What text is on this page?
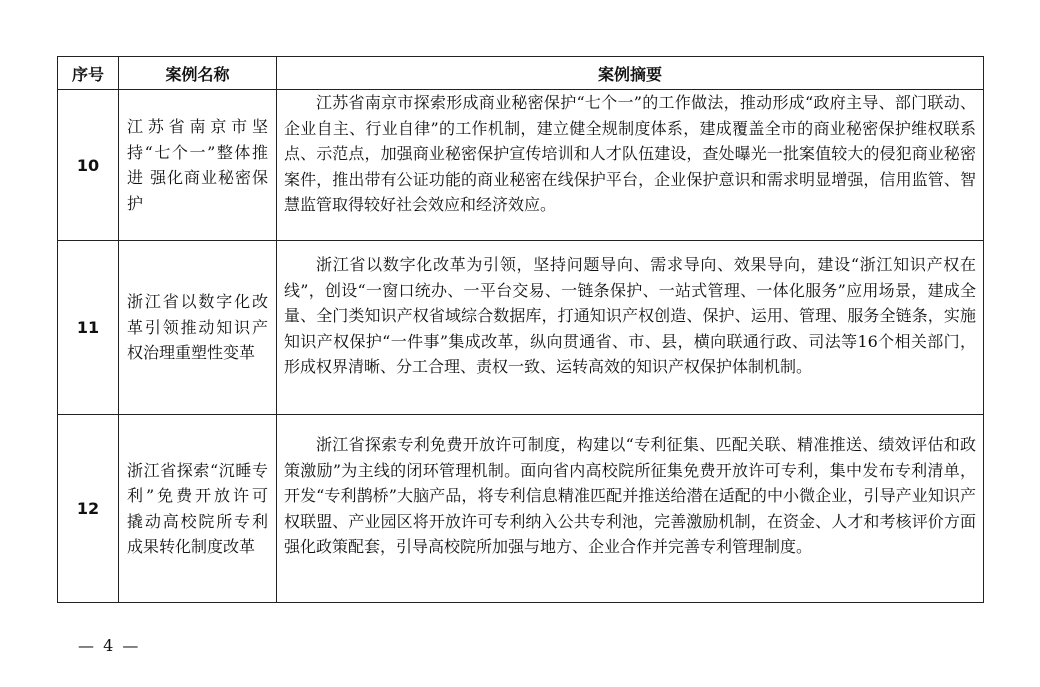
序号	案例名称	案例摘要
10	江苏省南京市坚持“七个一”整体推进 强化商业秘密保护	江苏省南京市探索形成商业秘密保护“七个一”的工作做法，推动形成“政府主导、部门联动、企业自主、行业自律”的工作机制，建立健全规制度体系，建成覆盖全市的商业秘密保护维权联系点、示范点，加强商业秘密保护宣传培训和人才队伍建设，查处曝光一批案值较大的侵犯商业秘密案件，推出带有公证功能的商业秘密在线保护平台，企业保护意识和需求明显增强，信用监管、智慧监管取得较好社会效应和经济效应。
11	浙江省以数字化改革引领推动知识产权治理重塑性变革	浙江省以数字化改革为引领，坚持问题导向、需求导向、效果导向，建设“浙江知识产权在线”，创设“一窗口统办、一平台交易、一链条保护、一站式管理、一体化服务”应用场景，建成全量、全门类知识产权省域综合数据库，打通知识产权创造、保护、运用、管理、服务全链条，实施知识产权保护“一件事”集成改革，纵向贯通省、市、县，横向联通行政、司法等16个相关部门，形成权界清晰、分工合理、责权一致、运转高效的知识产权保护体制机制。
12	浙江省探索“沉睡专利”免费开放许可 撬动高校院所专利成果转化制度改革	浙江省探索专利免费开放许可制度，构建以“专利征集、匹配关联、精准推送、绩效评估和政策激励”为主线的闭环管理机制。面向省内高校院所征集免费开放许可专利，集中发布专利清单，开发“专利鹊桥”大脑产品，将专利信息精准匹配并推送给潜在适配的中小微企业，引导产业知识产权联盟、产业园区将开放许可专利纳入公共专利池，完善激励机制，在资金、人才和考核评价方面强化政策配套，引导高校院所加强与地方、企业合作并完善专利管理制度。
— 4 —
